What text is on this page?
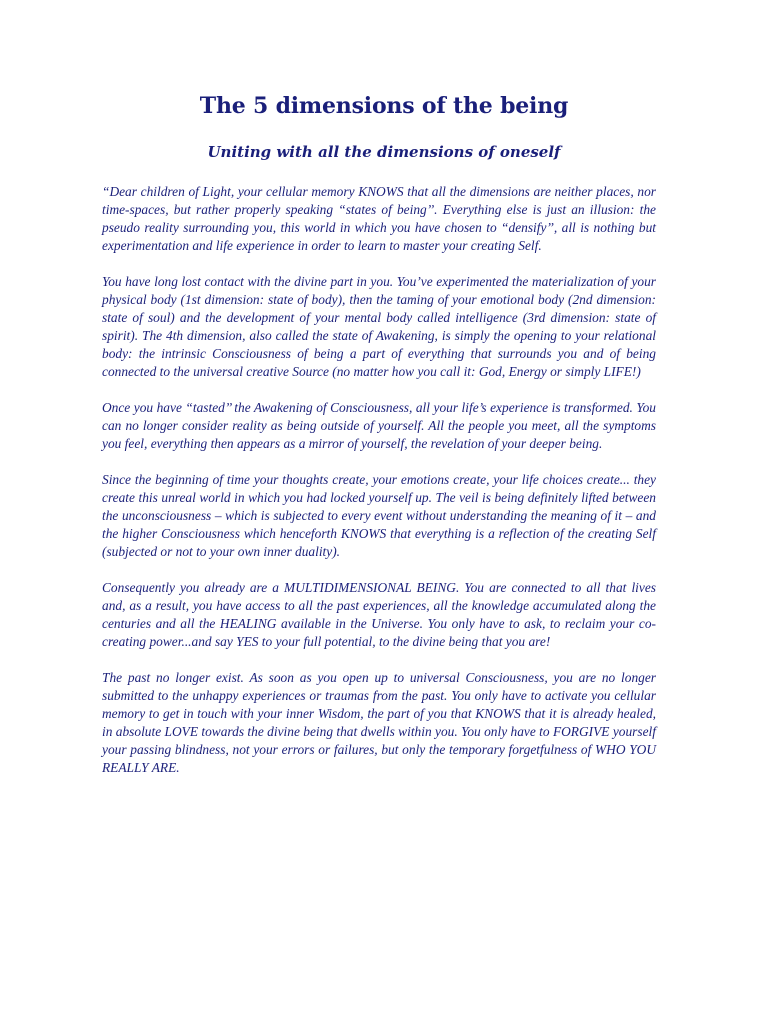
The 5 dimensions of the being
Uniting with all the dimensions of oneself

“Dear children of Light, your cellular memory KNOWS that all the dimensions are neither places, nor time-spaces, but rather properly speaking “states of being’’. Everything else is just an illusion: the pseudo reality surrounding you, this world in which you have chosen to “densify’’, all is nothing but experimentation and life experience in order to learn to master your creating Self.

You have long lost contact with the divine part in you. You’ve experimented the materialization of your physical body (1st dimension: state of body), then the taming of your emotional body (2nd dimension: state of soul) and the development of your mental body called intelligence (3rd dimension: state of spirit). The 4th dimension, also called the state of Awakening, is simply the opening to your relational body: the intrinsic Consciousness of being a part of everything that surrounds you and of being connected to the universal creative Source (no matter how you call it: God, Energy or simply LIFE!)

Once you have “tasted’’ the Awakening of Consciousness, all your life’s experience is transformed. You can no longer consider reality as being outside of yourself. All the people you meet, all the symptoms you feel, everything then appears as a mirror of yourself, the revelation of your deeper being.

Since the beginning of time your thoughts create, your emotions create, your life choices create... they create this unreal world in which you had locked yourself up. The veil is being definitely lifted between the unconsciousness – which is subjected to every event without understanding the meaning of it – and the higher Consciousness which henceforth KNOWS that everything is a reflection of the creating Self (subjected or not to your own inner duality).

Consequently you already are a MULTIDIMENSIONAL BEING. You are connected to all that lives and, as a result, you have access to all the past experiences, all the knowledge accumulated along the centuries and all the HEALING available in the Universe. You only have to ask, to reclaim your co-creating power...and say YES to your full potential, to the divine being that you are!

The past no longer exist. As soon as you open up to universal Consciousness, you are no longer submitted to the unhappy experiences or traumas from the past. You only have to activate you cellular memory to get in touch with your inner Wisdom, the part of you that KNOWS that it is already healed, in absolute LOVE towards the divine being that dwells within you. You only have to FORGIVE yourself your passing blindness, not your errors or failures, but only the temporary forgetfulness of WHO YOU REALLY ARE.
